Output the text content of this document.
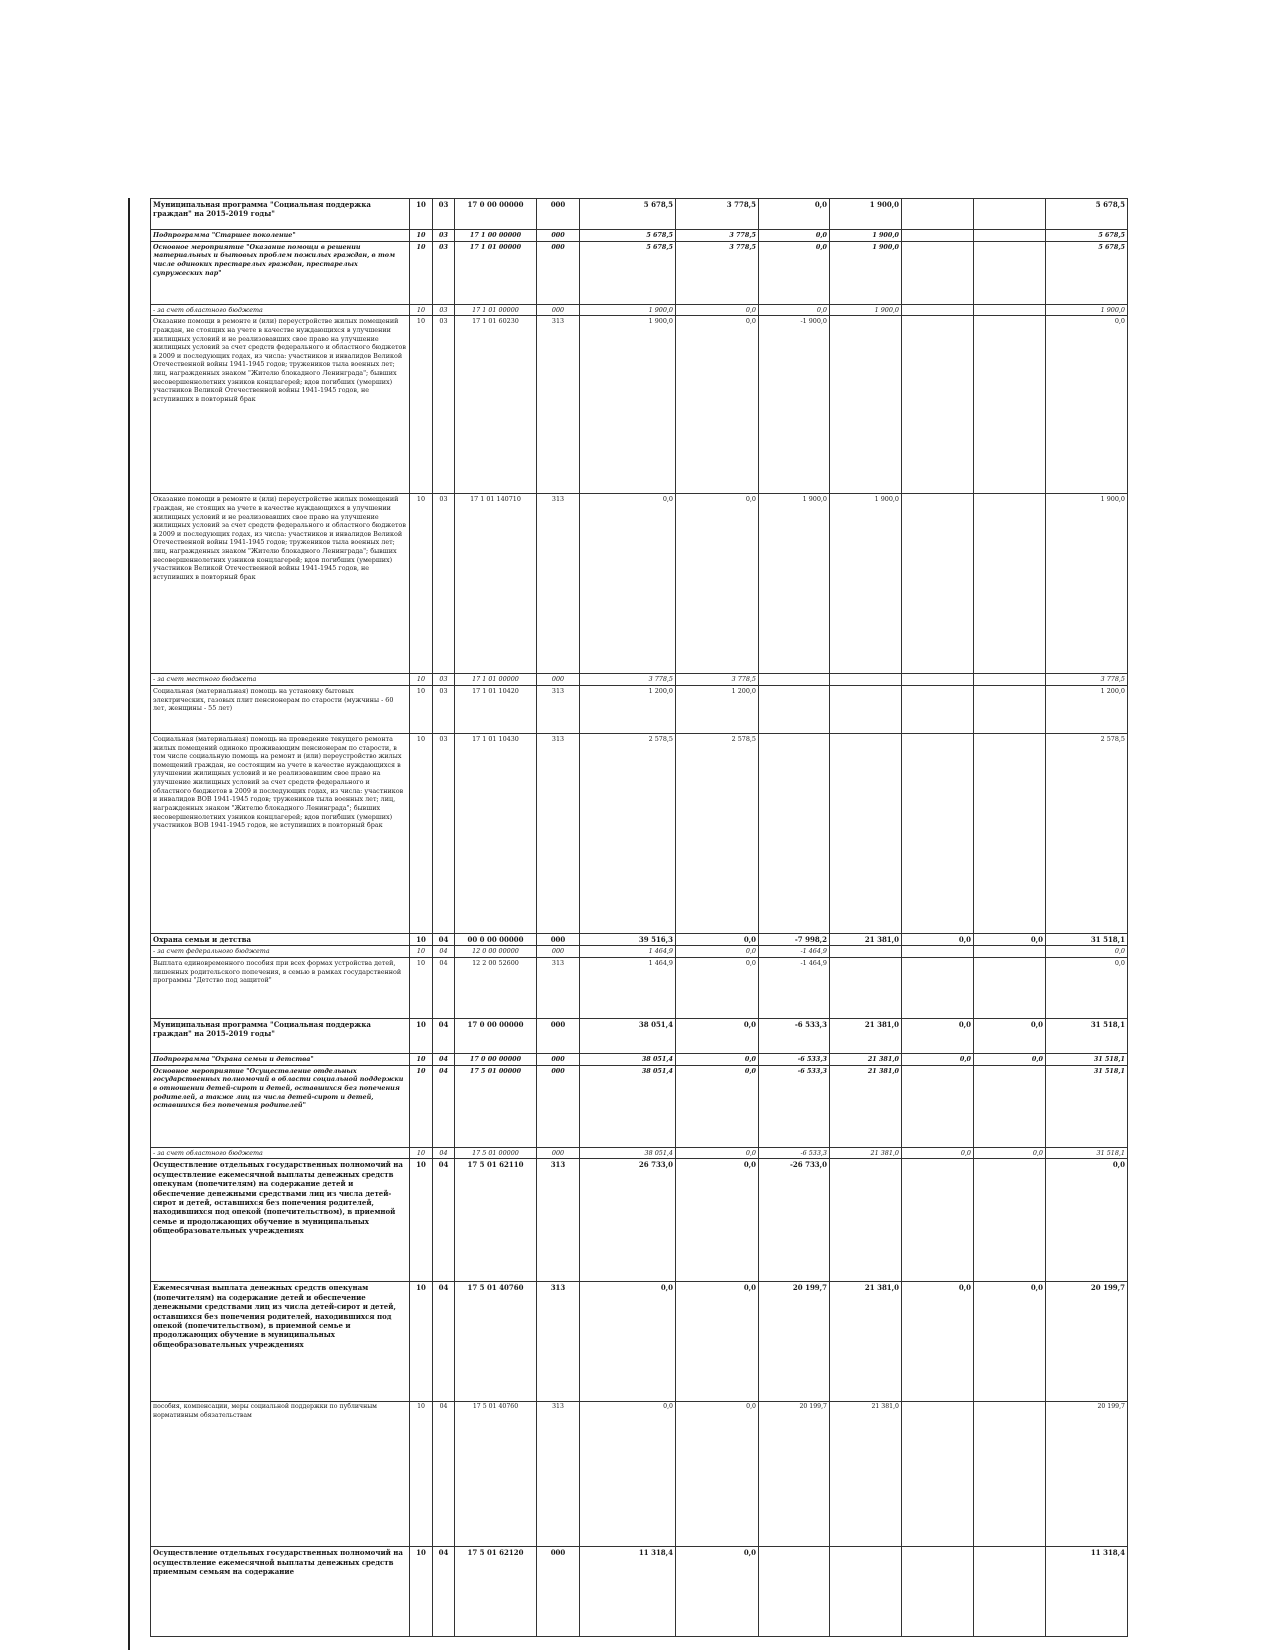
Муниципальная программа "Социальная поддержка граждан" на 2015-2019 годы"	10	03	17 0 00 00000	000	5 678,5	3 778,5	0,0	1 900,0			5 678,5
Подпрограмма "Старшее поколение"	10	03	17 1 00 00000	000	5 678,5	3 778,5	0,0	1 900,0			5 678,5
Основное мероприятие "Оказание помощи в решении материальных и бытовых проблем пожилых граждан, в том числе одиноких престарелых граждан, престарелых супружеских пар"	10	03	17 1 01 00000	000	5 678,5	3 778,5	0,0	1 900,0			5 678,5
- за счет областного бюджета	10	03	17 1 01 00000	000	1 900,0	0,0	0,0	1 900,0			1 900,0
Оказание помощи в ремонте и (или) переустройстве жилых помещений граждан, не стоящих на учете в качестве нуждающихся в улучшении жилищных условий и не реализовавших свое право на улучшение жилищных условий за счет средств федерального и областного бюджетов в 2009 и последующих годах, из числа: участников и инвалидов Великой Отечественной войны 1941-1945 годов; тружеников тыла военных лет; лиц, награжденных знаком "Жителю блокадного Ленинграда"; бывших несовершеннолетних узников концлагерей; вдов погибших (умерших) участников Великой Отечественной войны 1941-1945 годов, не вступивших в повторный брак	10	03	17 1 01 60230	313	1 900,0	0,0	-1 900,0				0,0
Оказание помощи в ремонте и (или) переустройстве жилых помещений граждан, не стоящих на учете в качестве нуждающихся в улучшении жилищных условий и не реализовавших свое право на улучшение жилищных условий за счет средств федерального и областного бюджетов в 2009 и последующих годах, из числа: участников и инвалидов Великой Отечественной войны 1941-1945 годов; тружеников тыла военных лет; лиц, награжденных знаком "Жителю блокадного Ленинграда"; бывших несовершеннолетних узников концлагерей; вдов погибших (умерших) участников Великой Отечественной войны 1941-1945 годов, не вступивших в повторный брак	10	03	17 1 01 140710	313	0,0	0,0	1 900,0	1 900,0			1 900,0
- за счет местного бюджета	10	03	17 1 01 00000	000	3 778,5	3 778,5					3 778,5
Социальная (материальная) помощь на установку бытовых электрических, газовых плит пенсионерам по старости (мужчины - 60 лет, женщины - 55 лет)	10	03	17 1 01 10420	313	1 200,0	1 200,0					1 200,0
Социальная (материальная) помощь на проведение текущего ремонта жилых помещений одиноко проживающим пенсионерам по старости, в том числе социальную помощь на ремонт и (или) переустройство жилых помещений граждан, не состоящим на учете в качестве нуждающихся в улучшении жилищных условий и не реализовавшим свое право на улучшение жилищных условий за счет средств федерального и областного бюджетов в 2009 и последующих годах, из числа: участников и инвалидов ВОВ 1941-1945 годов; тружеников тыла военных лет; лиц, награжденных знаком "Жителю блокадного Ленинграда"; бывших несовершеннолетних узников концлагерей; вдов погибших (умерших) участников ВОВ 1941-1945 годов, не вступивших в повторный брак	10	03	17 1 01 10430	313	2 578,5	2 578,5					2 578,5
Охрана семьи и детства	10	04	00 0 00 00000	000	39 516,3	0,0	-7 998,2	21 381,0	0,0	0,0	31 518,1
- за счет федерального бюджета	10	04	12 0 00 00000	000	1 464,9	0,0	-1 464,9				0,0
Выплата единовременного пособия при всех формах устройства детей, лишенных родительского попечения, в семью в рамках государственной программы "Детство под защитой"	10	04	12 2 00 52600	313	1 464,9	0,0	-1 464,9				0,0
Муниципальная программа "Социальная поддержка граждан" на 2015-2019 годы"	10	04	17 0 00 00000	000	38 051,4	0,0	-6 533,3	21 381,0	0,0	0,0	31 518,1
Подпрограмма "Охрана семьи и детства"	10	04	17 0 00 00000	000	38 051,4	0,0	-6 533,3	21 381,0	0,0	0,0	31 518,1
Основное мероприятие "Осуществление отдельных государственных полномочий в области социальной поддержки в отношении детей-сирот и детей, оставшихся без попечения родителей, а также лиц из числа детей-сирот и детей, оставшихся без попечения родителей"	10	04	17 5 01 00000	000	38 051,4	0,0	-6 533,3	21 381,0			31 518,1
- за счет областного бюджета	10	04	17 5 01 00000	000	38 051,4	0,0	-6 533,3	21 381,0	0,0	0,0	31 518,1
Осуществление отдельных государственных полномочий на осуществление ежемесячной выплаты денежных средств опекунам (попечителям) на содержание детей и обеспечение денежными средствами лиц из числа детей-сирот и детей, оставшихся без попечения родителей, находившихся под опекой (попечительством), в приемной семье и продолжающих обучение в муниципальных общеобразовательных учреждениях	10	04	17 5 01 62110	313	26 733,0	0,0	-26 733,0				0,0
Ежемесячная выплата денежных средств опекунам (попечителям) на содержание детей и обеспечение денежными средствами лиц из числа детей-сирот и детей, оставшихся без попечения родителей, находившихся под опекой (попечительством), в приемной семье и продолжающих обучение в муниципальных общеобразовательных учреждениях	10	04	17 5 01 40760	313	0,0	0,0	20 199,7	21 381,0	0,0	0,0	20 199,7
пособия, компенсации, меры социальной поддержки по публичным нормативным обязательствам	10	04	17 5 01 40760	313	0,0	0,0	20 199,7	21 381,0			20 199,7
Осуществление отдельных государственных полномочий на осуществление ежемесячной выплаты денежных средств приемным семьям на содержание	10	04	17 5 01 62120	000	11 318,4	0,0					11 318,4
